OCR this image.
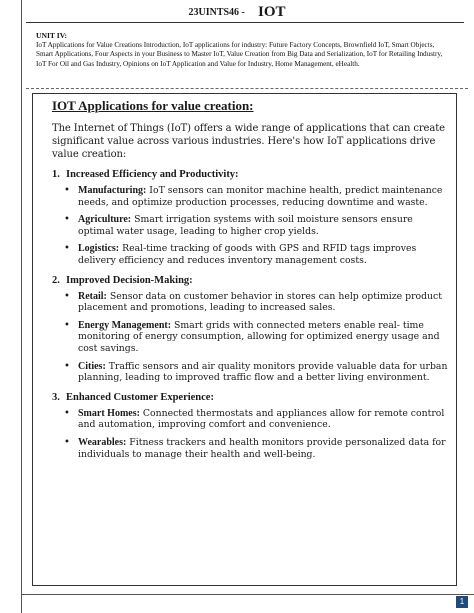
23UINTS46 - IOT
UNIT IV:
IoT Applications for Value Creations Introduction, IoT applications for industry: Future Factory Concepts, Brownfield IoT, Smart Objects, Smart Applications, Four Aspects in your Business to Master IoT, Value Creation from Big Data and Serialization, IoT for Retailing Industry, IoT For Oil and Gas Industry, Opinions on IoT Application and Value for Industry, Home Management, eHealth.
IOT Applications for value creation:

The Internet of Things (IoT) offers a wide range of applications that can create significant value across various industries. Here's how IoT applications drive value creation:

1. Increased Efficiency and Productivity:

• Manufacturing: IoT sensors can monitor machine health, predict maintenance needs, and optimize production processes, reducing downtime and waste.
• Agriculture: Smart irrigation systems with soil moisture sensors ensure optimal water usage, leading to higher crop yields.
• Logistics: Real-time tracking of goods with GPS and RFID tags improves delivery efficiency and reduces inventory management costs.

2. Improved Decision-Making:

• Retail: Sensor data on customer behavior in stores can help optimize product placement and promotions, leading to increased sales.
• Energy Management: Smart grids with connected meters enable real- time monitoring of energy consumption, allowing for optimized energy usage and cost savings.
• Cities: Traffic sensors and air quality monitors provide valuable data for urban planning, leading to improved traffic flow and a better living environment.

3. Enhanced Customer Experience:

• Smart Homes: Connected thermostats and appliances allow for remote control and automation, improving comfort and convenience.
• Wearables: Fitness trackers and health monitors provide personalized data for individuals to manage their health and well-being.
1
